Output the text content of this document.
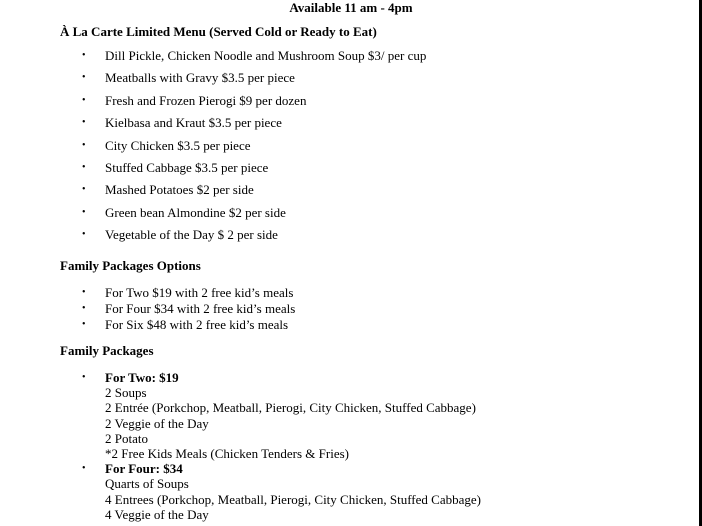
Available 11 am - 4pm
À La Carte Limited Menu (Served Cold or Ready to Eat)
• Dill Pickle, Chicken Noodle and Mushroom Soup $3/ per cup
• Meatballs with Gravy $3.5 per piece
• Fresh and Frozen Pierogi $9 per dozen
• Kielbasa and Kraut $3.5 per piece
• City Chicken $3.5 per piece
• Stuffed Cabbage $3.5 per piece
• Mashed Potatoes $2 per side
• Green bean Almondine $2 per side
• Vegetable of the Day $ 2 per side
Family Packages Options
• For Two $19 with 2 free kid’s meals
• For Four $34 with 2 free kid’s meals
• For Six $48 with 2 free kid’s meals
Family Packages
• For Two: $19
2 Soups
2 Entrée (Porkchop, Meatball, Pierogi, City Chicken, Stuffed Cabbage)
2 Veggie of the Day
2 Potato
*2 Free Kids Meals (Chicken Tenders & Fries)
• For Four: $34
Quarts of Soups
4 Entrees (Porkchop, Meatball, Pierogi, City Chicken, Stuffed Cabbage)
4 Veggie of the Day
